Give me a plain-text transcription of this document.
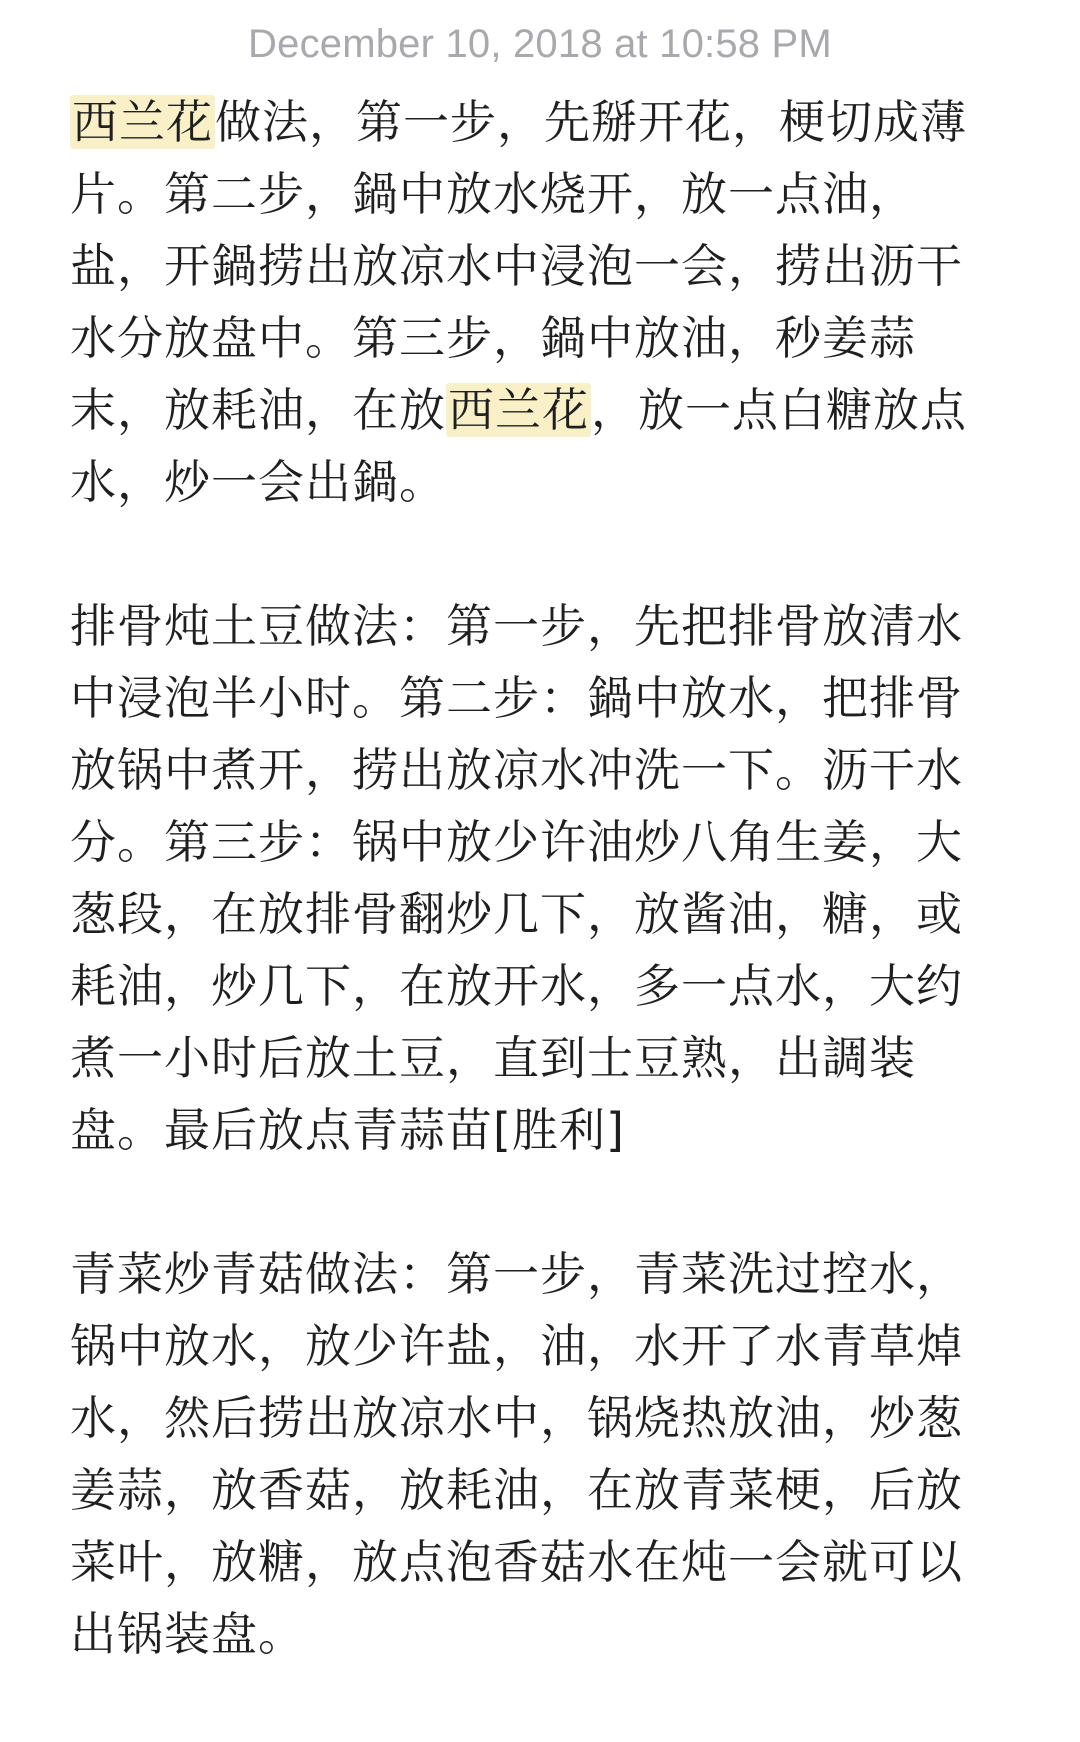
December 10, 2018 at 10:58 PM
西兰花做法，第一步，先掰开花，梗切成薄
片。第二步，鍋中放水烧开，放一点油，
盐，开鍋捞出放凉水中浸泡一会，捞出沥干
水分放盘中。第三步，鍋中放油，秒姜蒜
末，放耗油，在放西兰花，放一点白糖放点
水，炒一会出鍋。
排骨炖土豆做法：第一步，先把排骨放清水
中浸泡半小时。第二步：鍋中放水，把排骨
放锅中煮开，捞出放凉水冲洗一下。沥干水
分。第三步：锅中放少许油炒八角生姜，大
葱段，在放排骨翻炒几下，放酱油，糖，或
耗油，炒几下，在放开水，多一点水，大约
煮一小时后放土豆，直到士豆熟，出調装
盘。最后放点青蒜苗[胜利]
青菜炒青菇做法：第一步，青菜洗过控水，
锅中放水，放少许盐，油，水开了水青草焯
水，然后捞出放凉水中，锅烧热放油，炒葱
姜蒜，放香菇，放耗油，在放青菜梗，后放
菜叶，放糖，放点泡香菇水在炖一会就可以
出锅装盘。
